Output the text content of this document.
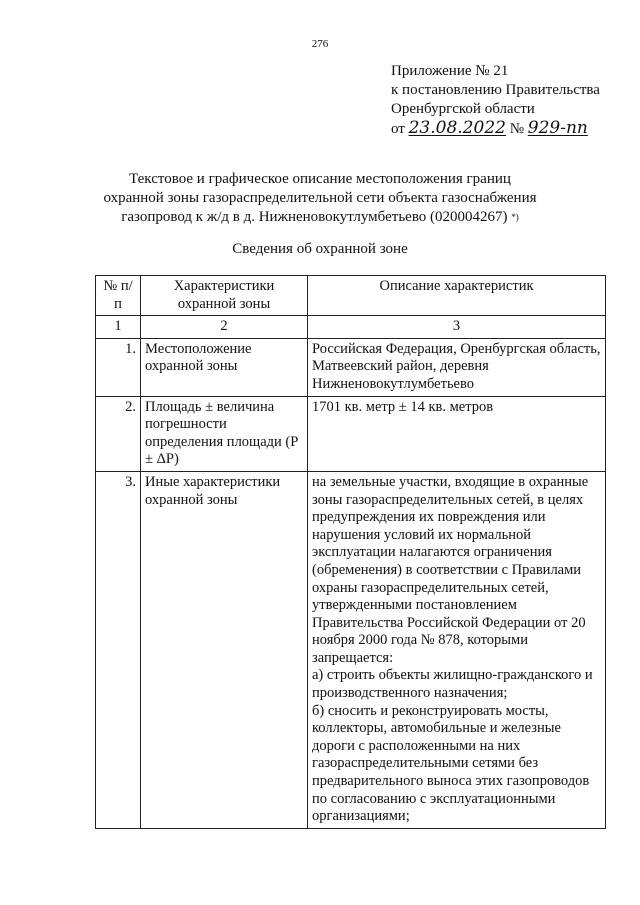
276
Приложение № 21
к постановлению Правительства
Оренбургской области
от 23.08.2022 № 929-пп
Текстовое и графическое описание местоположения границ
охранной зоны газораспределительной сети объекта газоснабжения
газопровод к ж/д в д. Нижненовокутлумбетьево (020004267) *)
Сведения об охранной зоне
№ п/п	Характеристики охранной зоны	Описание характеристик
1	2	3
1.	Местоположение охранной зоны	Российская Федерация, Оренбургская область, Матвеевский район, деревня Нижненовокутлумбетьево

2.	Площадь ± величина погрешности определения площади (P ± ΔP)	1701 кв. метр ± 14 кв. метров

3.	Иные характеристики охранной зоны	на земельные участки, входящие в охранные зоны газораспределительных сетей, в целях предупреждения их повреждения или нарушения условий их нормальной эксплуатации налагаются ограничения (обременения) в соответствии с Правилами охраны газораспределительных сетей, утвержденными постановлением Правительства Российской Федерации от 20 ноября 2000 года № 878, которыми запрещается:
а) строить объекты жилищно-гражданского и производственного назначения;
б) сносить и реконструировать мосты, коллекторы, автомобильные и железные дороги с расположенными на них газораспределительными сетями без предварительного выноса этих газопроводов по согласованию с эксплуатационными организациями;
